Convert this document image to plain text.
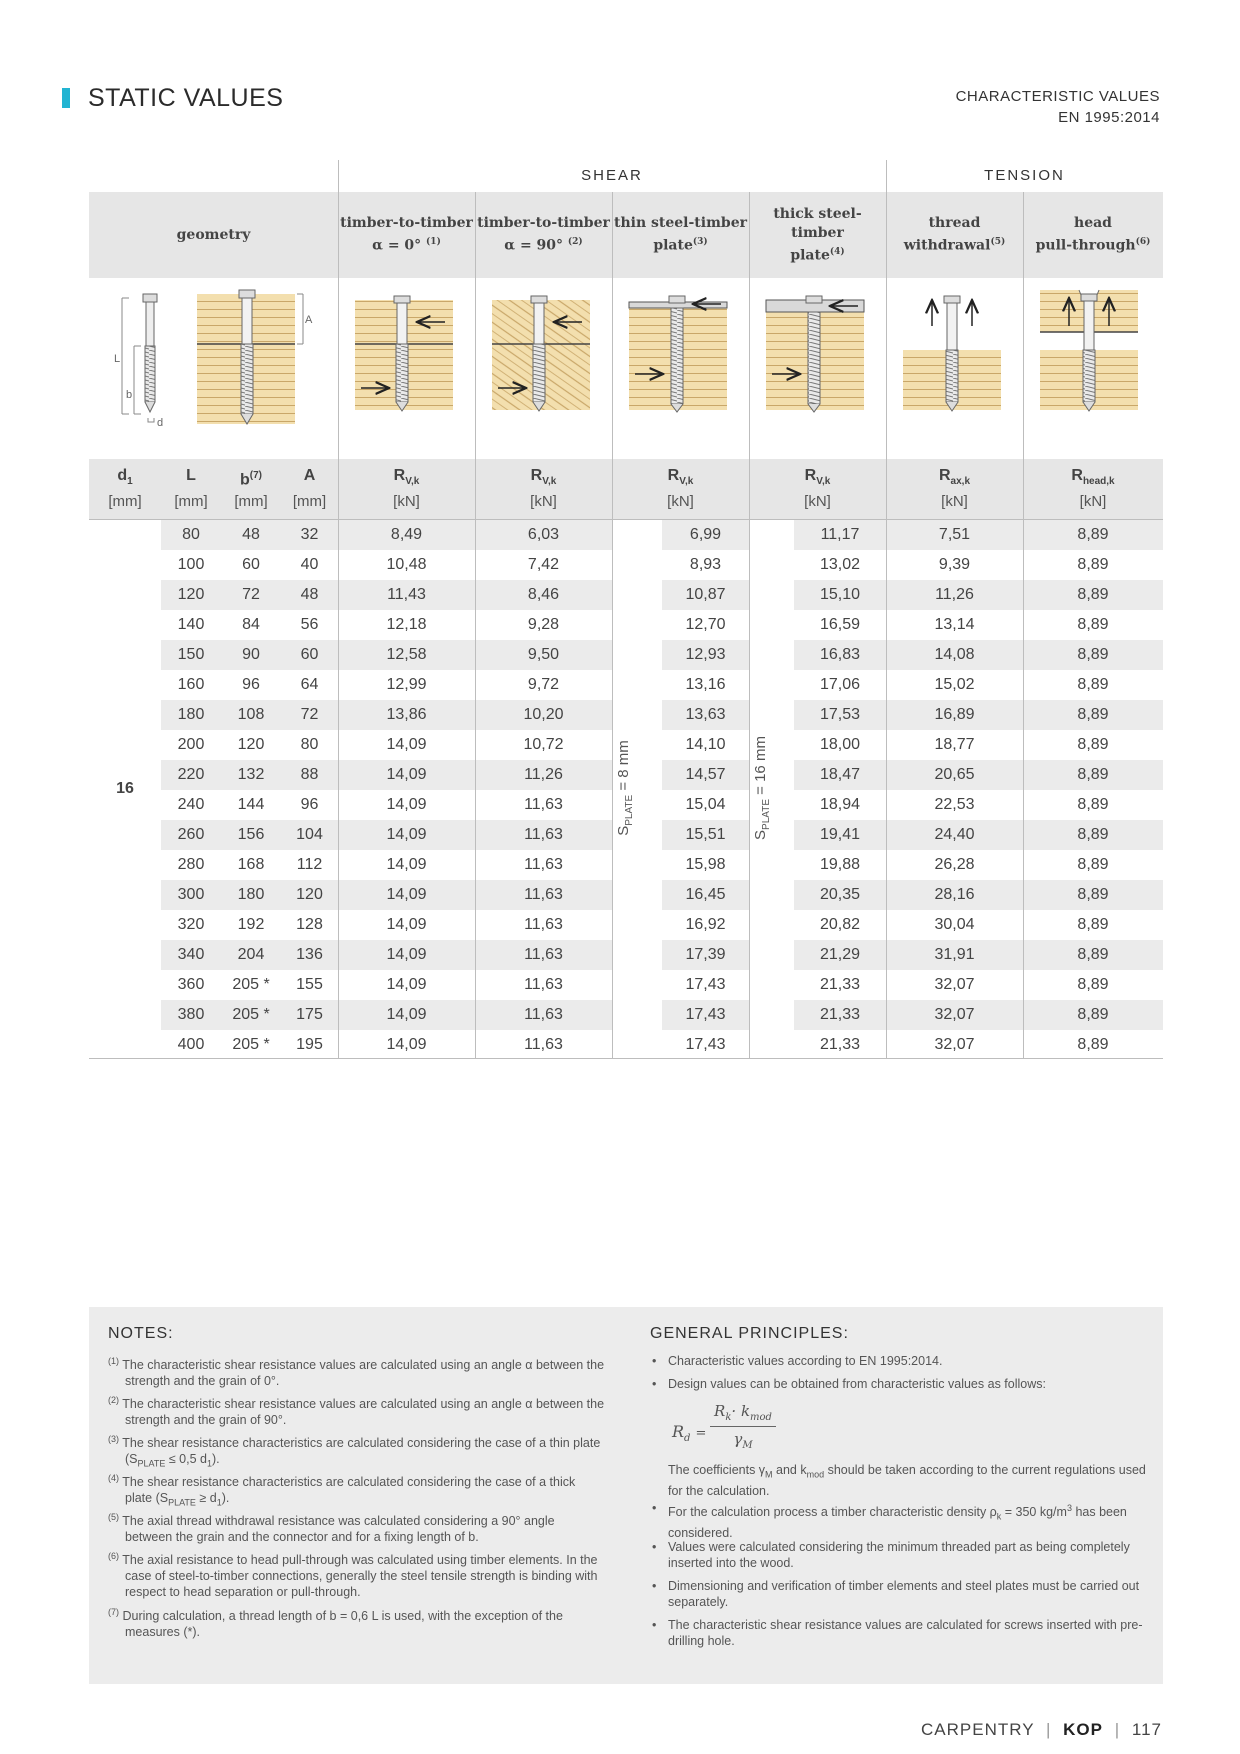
STATIC VALUES	CHARACTERISTIC VALUES
EN 1995:2014
SHEAR	TENSION
geometry
timber-to-timber
α = 0° $^{(1)}$
timber-to-timber
α = 90° $^{(2)}$
thin steel-timber
plate$^{(3)}$
thick steel-timber
plate$^{(4)}$
thread
withdrawal$^{(5)}$
head
pull-through$^{(6)}$
L
b
d
A
$d_1$
[mm]
L
[mm]
$b^{(7)}$
[mm]
A
[mm]
$R_{V,k}$
[kN]
$R_{V,k}$
[kN]
$R_{V,k}$
[kN]
$R_{V,k}$
[kN]
$R_{ax,k}$
[kN]
$R_{head,k}$
[kN]
80	48	32	8,49	6,03	6,99	11,17	7,51	8,89
100	60	40	10,48	7,42	8,93	13,02	9,39	8,89
120	72	48	11,43	8,46	10,87	15,10	11,26	8,89
140	84	56	12,18	9,28	12,70	16,59	13,14	8,89
150	90	60	12,58	9,50	12,93	16,83	14,08	8,89
160	96	64	12,99	9,72	13,16	17,06	15,02	8,89
180	108	72	13,86	10,20	13,63	17,53	16,89	8,89
200	120	80	14,09	10,72	14,10	18,00	18,77	8,89
220	132	88	14,09	11,26	14,57	18,47	20,65	8,89
240	144	96	14,09	11,63	15,04	18,94	22,53	8,89
260	156	104	14,09	11,63	15,51	19,41	24,40	8,89
280	168	112	14,09	11,63	15,98	19,88	26,28	8,89
300	180	120	14,09	11,63	16,45	20,35	28,16	8,89
320	192	128	14,09	11,63	16,92	20,82	30,04	8,89
340	204	136	14,09	11,63	17,39	21,29	31,91	8,89
360	205 *	155	14,09	11,63	17,43	21,33	32,07	8,89
380	205 *	175	14,09	11,63	17,43	21,33	32,07	8,89
400	205 *	195	14,09	11,63	17,43	21,33	32,07	8,89
16
$S_{PLATE} = 8$ mm
$S_{PLATE} = 16$ mm
NOTES:	GENERAL PRINCIPLES:
$^{(1)}$ The characteristic shear resistance values are calculated using an angle α between the strength and the grain of 0°.
$^{(2)}$ The characteristic shear resistance values are calculated using an angle α between the strength and the grain of 90°.
$^{(3)}$ The shear resistance characteristics are calculated considering the case of a thin plate ($S_{PLATE} \le 0,5$ $d_1$).
$^{(4)}$ The shear resistance characteristics are calculated considering the case of a thick plate $(S_{PLATE} \ge d_1)$.
$^{(5)}$ The axial thread withdrawal resistance was calculated considering a 90° angle between the grain and the connector and for a fixing length of b.
$^{(6)}$ The axial resistance to head pull-through was calculated using timber elements. In the case of steel-to-timber connections, generally the steel tensile strength is binding with respect to head separation or pull-through.
$^{(7)}$ During calculation, a thread length of b = 0,6 L is used, with the exception of the measures (*).
• Characteristic values according to EN 1995:2014.
• Design values can be obtained from characteristic values as follows:
$R_d$ =
$R_k\cdot k_{mod}$
$\gamma_M$
The coefficients $\gamma_M$ and $k_{mod}$ should be taken according to the current regulations used for the calculation.
• For the calculation process a timber characteristic density $\rho_k = 350$ $kg/m^3$ has been considered.
• Values were calculated considering the minimum threaded part as being completely inserted into the wood.
• Dimensioning and verification of timber elements and steel plates must be carried out separately.
• The characteristic shear resistance values are calculated for screws inserted with pre-drilling hole.
CARPENTRY | KOP | 117
